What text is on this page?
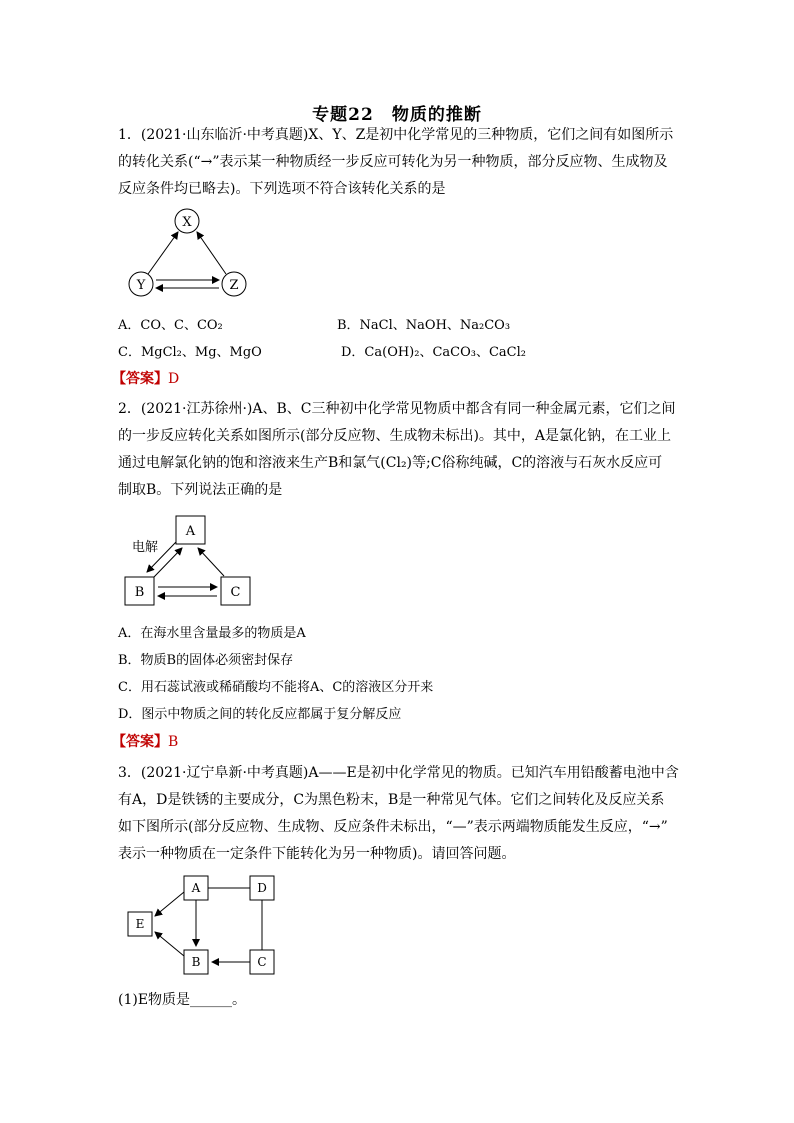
专题22　物质的推断
1．(2021·山东临沂·中考真题)X、Y、Z是初中化学常见的三种物质，它们之间有如图所示
的转化关系(“→”表示某一种物质经一步反应可转化为另一种物质，部分反应物、生成物及
反应条件均已略去)。下列选项不符合该转化关系的是
X
Y	Z
A．CO、C、CO₂	B．NaCl、NaOH、Na₂CO₃
C．MgCl₂、Mg、MgO	D．Ca(OH)₂、CaCO₃、CaCl₂
【答案】D
2．(2021·江苏徐州·)A、B、C三种初中化学常见物质中都含有同一种金属元素，它们之间
的一步反应转化关系如图所示(部分反应物、生成物未标出)。其中，A是氯化钠，在工业上
通过电解氯化钠的饱和溶液来生产B和氯气(Cl₂)等;C俗称纯碱，C的溶液与石灰水反应可
制取B。下列说法正确的是
A
B	C
电解
A．在海水里含量最多的物质是A
B．物质B的固体必须密封保存
C．用石蕊试液或稀硝酸均不能将A、C的溶液区分开来
D．图示中物质之间的转化反应都属于复分解反应
【答案】B
3．(2021·辽宁阜新·中考真题)A——E是初中化学常见的物质。已知汽车用铅酸蓄电池中含
有A，D是铁锈的主要成分，C为黑色粉末，B是一种常见气体。它们之间转化及反应关系
如下图所示(部分反应物、生成物、反应条件未标出，“—”表示两端物质能发生反应，“→”
表示一种物质在一定条件下能转化为另一种物质)。请回答问题。
A	D
E
B	C
(1)E物质是______。
